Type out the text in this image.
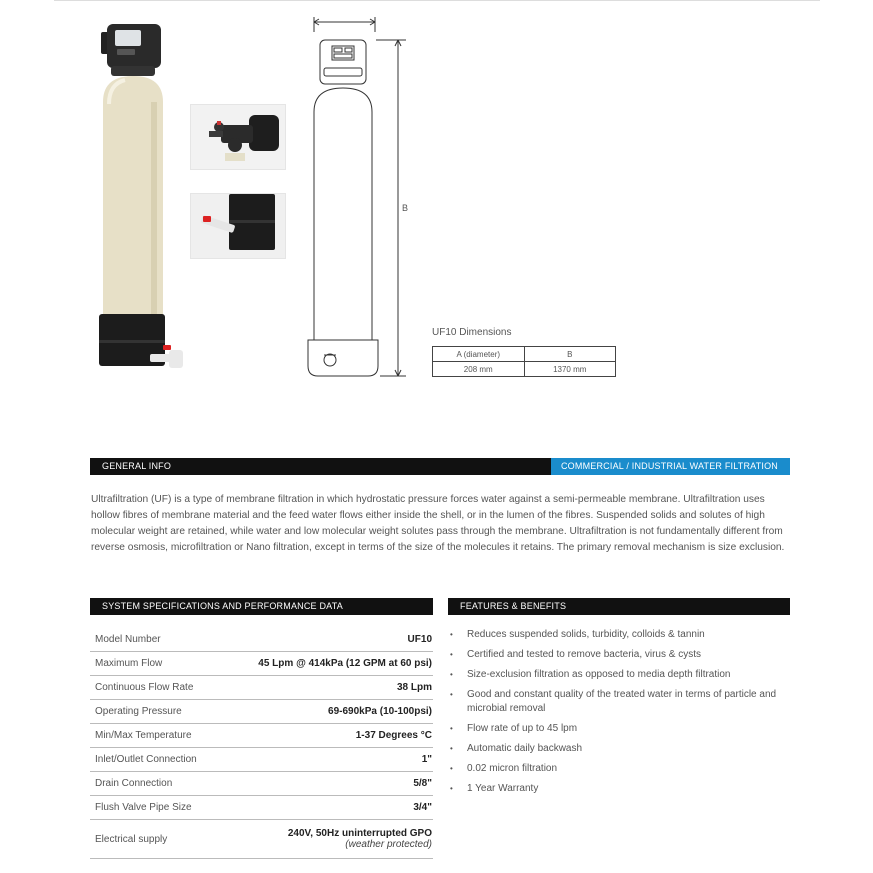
B
UF10 Dimensions
A (diameter)	B
208 mm	1370 mm
GENERAL INFO	COMMERCIAL / INDUSTRIAL WATER FILTRATION

Ultrafiltration (UF) is a type of membrane filtration in which hydrostatic pressure forces water against a semi-permeable membrane. Ultrafiltration uses hollow fibres of membrane material and the feed water flows either inside the shell, or in the lumen of the fibres. Suspended solids and solutes of high molecular weight are retained, while water and low molecular weight solutes pass through the membrane. Ultrafiltration is not fundamentally different from reverse osmosis, microfiltration or Nano filtration, except in terms of the size of the molecules it retains. The primary removal mechanism is size exclusion.

SYSTEM SPECIFICATIONS AND PERFORMANCE DATA
Model Number	UF10
Maximum Flow	45 Lpm @ 414kPa (12 GPM at 60 psi)
Continuous Flow Rate	38 Lpm
Operating Pressure	69-690kPa (10-100psi)
Min/Max Temperature	1-37 Degrees °C
Inlet/Outlet Connection	1"
Drain Connection	5/8"
Flush Valve Pipe Size	3/4"
Electrical supply	240V, 50Hz uninterrupted GPO
(weather protected)
FEATURES & BENEFITS
• Reduces suspended solids, turbidity, colloids & tannin
• Certified and tested to remove bacteria, virus & cysts
• Size-exclusion filtration as opposed to media depth filtration
• Good and constant quality of the treated water in terms of particle and microbial removal
• Flow rate of up to 45 lpm
• Automatic daily backwash
• 0.02 micron filtration
• 1 Year Warranty
